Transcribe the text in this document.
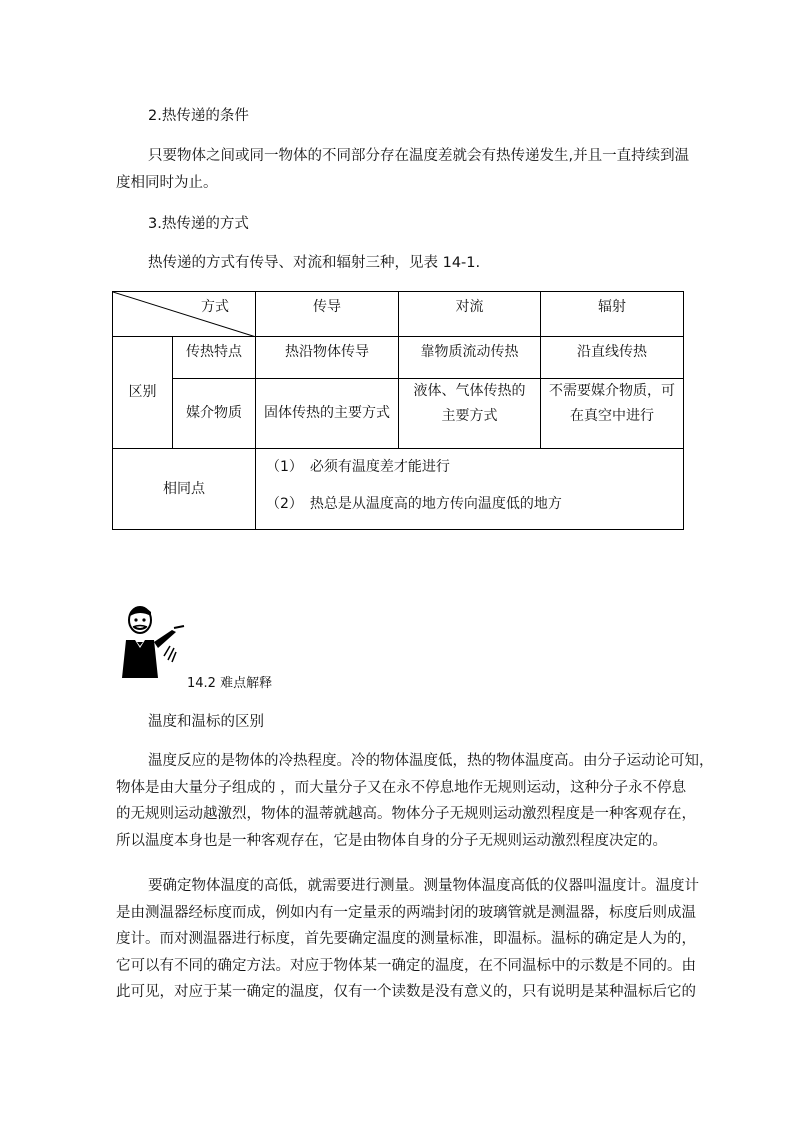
2.热传递的条件
只要物体之间或同一物体的不同部分存在温度差就会有热传递发生,并且一直持续到温
度相同时为止。
3.热传递的方式
热传递的方式有传导、对流和辐射三种，见表 14-1.
方式		传导	对流	辐射
区别	传热特点	热沿物体传导	靠物质流动传热	沿直线传热
	媒介物质	固体传热的主要方式	液体、气体传热的主要方式	不需要媒介物质，可在真空中进行
相同点		（1）　必须有温度差才能进行
（2）　热总是从温度高的地方传向温度低的地方		
14.2 难点解释
温度和温标的区别
温度反应的是物体的冷热程度。冷的物体温度低，热的物体温度高。由分子运动论可知，
物体是由大量分子组成的 ，而大量分子又在永不停息地作无规则运动，这种分子永不停息
的无规则运动越激烈，物体的温蒂就越高。物体分子无规则运动激烈程度是一种客观存在，
所以温度本身也是一种客观存在，它是由物体自身的分子无规则运动激烈程度决定的。
要确定物体温度的高低，就需要进行测量。测量物体温度高低的仪器叫温度计。温度计
是由测温器经标度而成，例如内有一定量汞的两端封闭的玻璃管就是测温器，标度后则成温
度计。而对测温器进行标度，首先要确定温度的测量标准，即温标。温标的确定是人为的，
它可以有不同的确定方法。对应于物体某一确定的温度，在不同温标中的示数是不同的。由
此可见，对应于某一确定的温度，仅有一个读数是没有意义的，只有说明是某种温标后它的
